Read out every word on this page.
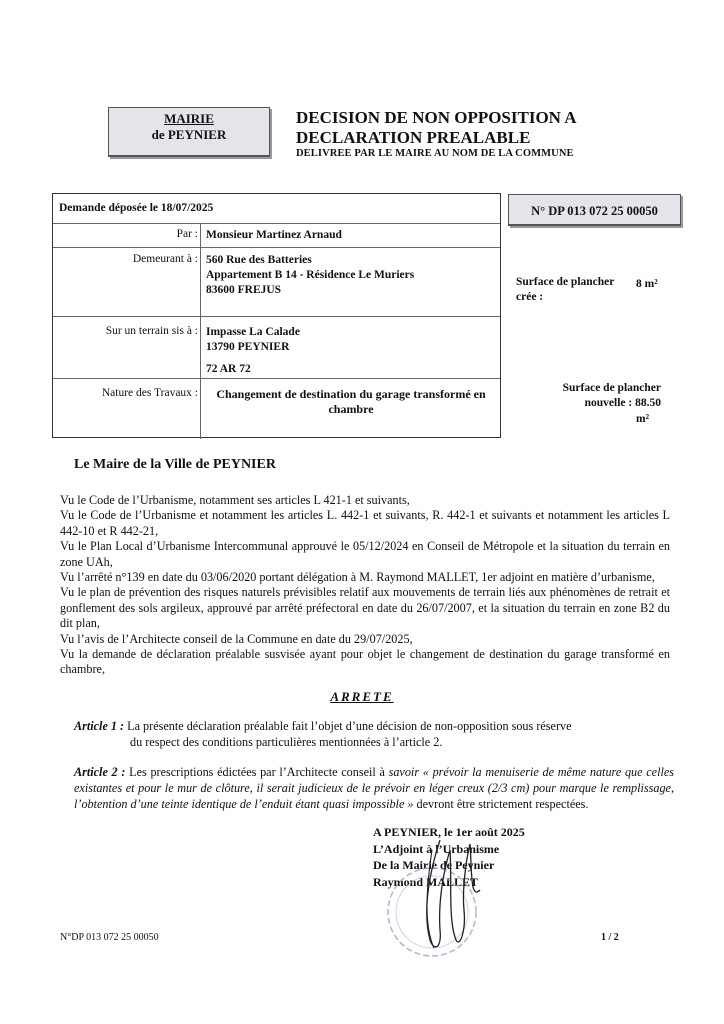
MAIRIE
de PEYNIER
DECISION DE NON OPPOSITION A
DECLARATION PREALABLE
DELIVREE PAR LE MAIRE AU NOM DE LA COMMUNE
Demande déposée le 18/07/2025
Par : Monsieur Martinez Arnaud
Demeurant à : 560 Rue des Batteries
Appartement B 14 - Résidence Le Muriers
83600 FREJUS
Sur un terrain sis à : Impasse La Calade
13790 PEYNIER
72 AR 72
Nature des Travaux :	Changement de destination du garage transformé en chambre
N° DP 013 072 25 00050
Surface de plancher
crée :
8 m²
Surface de plancher
nouvelle : 88.50
m²
Le Maire de la Ville de PEYNIER

Vu le Code de l’Urbanisme, notamment ses articles L 421-1 et suivants,

Vu le Code de l’Urbanisme et notamment les articles L. 442-1 et suivants, R. 442-1 et suivants et notamment les articles L 442-10 et R 442-21,

Vu le Plan Local d’Urbanisme Intercommunal approuvé le 05/12/2024 en Conseil de Métropole et la situation du terrain en zone UAh,

Vu l’arrêté n°139 en date du 03/06/2020 portant délégation à M. Raymond MALLET, 1er adjoint en matière d’urbanisme,

Vu le plan de prévention des risques naturels prévisibles relatif aux mouvements de terrain liés aux phénomènes de retrait et gonflement des sols argileux, approuvé par arrêté préfectoral en date du 26/07/2007, et la situation du terrain en zone B2 du dit plan,

Vu l’avis de l’Architecte conseil de la Commune en date du 29/07/2025,

Vu la demande de déclaration préalable susvisée ayant pour objet le changement de destination du garage transformé en chambre,

ARRETE
Article 1 : La présente déclaration préalable fait l’objet d’une décision de non-opposition sous réserve
du respect des conditions particulières mentionnées à l’article 2.
Article 2 : Les prescriptions édictées par l’Architecte conseil à savoir « prévoir la menuiserie de même nature que celles existantes et pour le mur de clôture, il serait judicieux de le prévoir en léger creux (2/3 cm) pour marque le remplissage, l’obtention d’une teinte identique de l’enduit étant quasi impossible » devront être strictement respectées.
A PEYNIER, le 1er août 2025
L’Adjoint à l’Urbanisme
De la Mairie de Peynier
Raymond MALLET
N°DP 013 072 25 00050	1 / 2
